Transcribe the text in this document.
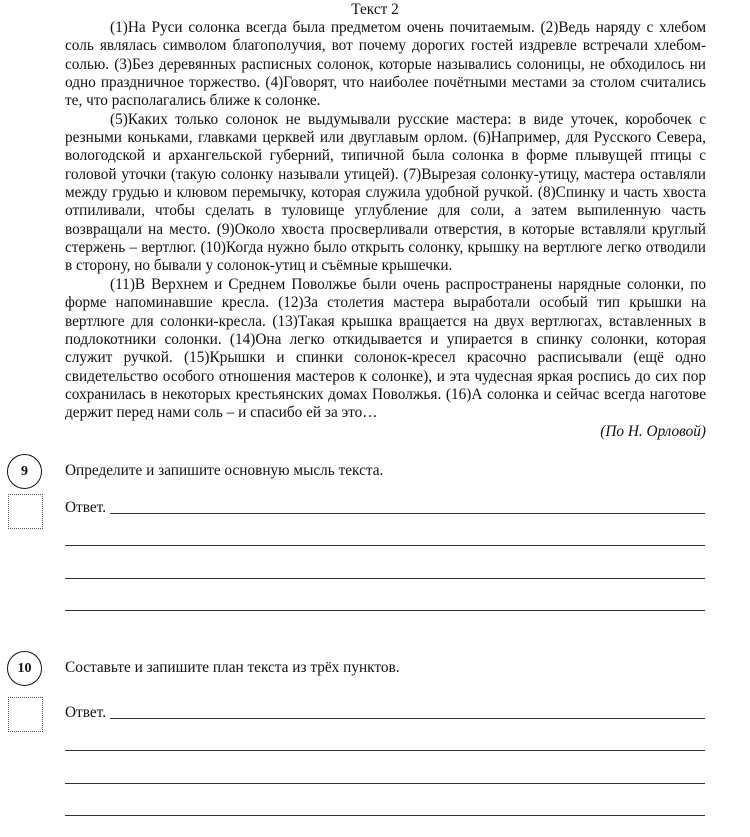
Текст 2

(1)На Руси солонка всегда была предметом очень почитаемым. (2)Ведь наряду с хлебом соль являлась символом благополучия, вот почему дорогих гостей издревле встречали хлебом-солью. (3)Без деревянных расписных солонок, которые назывались солоницы, не обходилось ни одно праздничное торжество. (4)Говорят, что наиболее почётными местами за столом считались те, что располагались ближе к солонке.

(5)Каких только солонок не выдумывали русские мастера: в виде уточек, коробочек с резными коньками, главками церквей или двуглавым орлом. (6)Например, для Русского Севера, вологодской и архангельской губерний, типичной была солонка в форме плывущей птицы с головой уточки (такую солонку называли утицей). (7)Вырезая солонку-утицу, мастера оставляли между грудью и клювом перемычку, которая служила удобной ручкой. (8)Спинку и часть хвоста отпиливали, чтобы сделать в туловище углубление для соли, а затем выпиленную часть возвращали на место. (9)Около хвоста просверливали отверстия, в которые вставляли круглый стержень – вертлюг. (10)Когда нужно было открыть солонку, крышку на вертлюге легко отводили в сторону, но бывали у солонок-утиц и съёмные крышечки.

(11)В Верхнем и Среднем Поволжье были очень распространены нарядные солонки, по форме напоминавшие кресла. (12)За столетия мастера выработали особый тип крышки на вертлюге для солонки-кресла. (13)Такая крышка вращается на двух вертлюгах, вставленных в подлокотники солонки. (14)Она легко откидывается и упирается в спинку солонки, которая служит ручкой. (15)Крышки и спинки солонок-кресел красочно расписывали (ещё одно свидетельство особого отношения мастеров к солонке), и эта чудесная яркая роспись до сих пор сохранилась в некоторых крестьянских домах Поволжья. (16)А солонка и сейчас всегда наготове держит перед нами соль – и спасибо ей за это…

(По Н. Орловой)

9	Определите и запишите основную мысль текста.
Ответ.
10	Составьте и запишите план текста из трёх пунктов.
Ответ.
